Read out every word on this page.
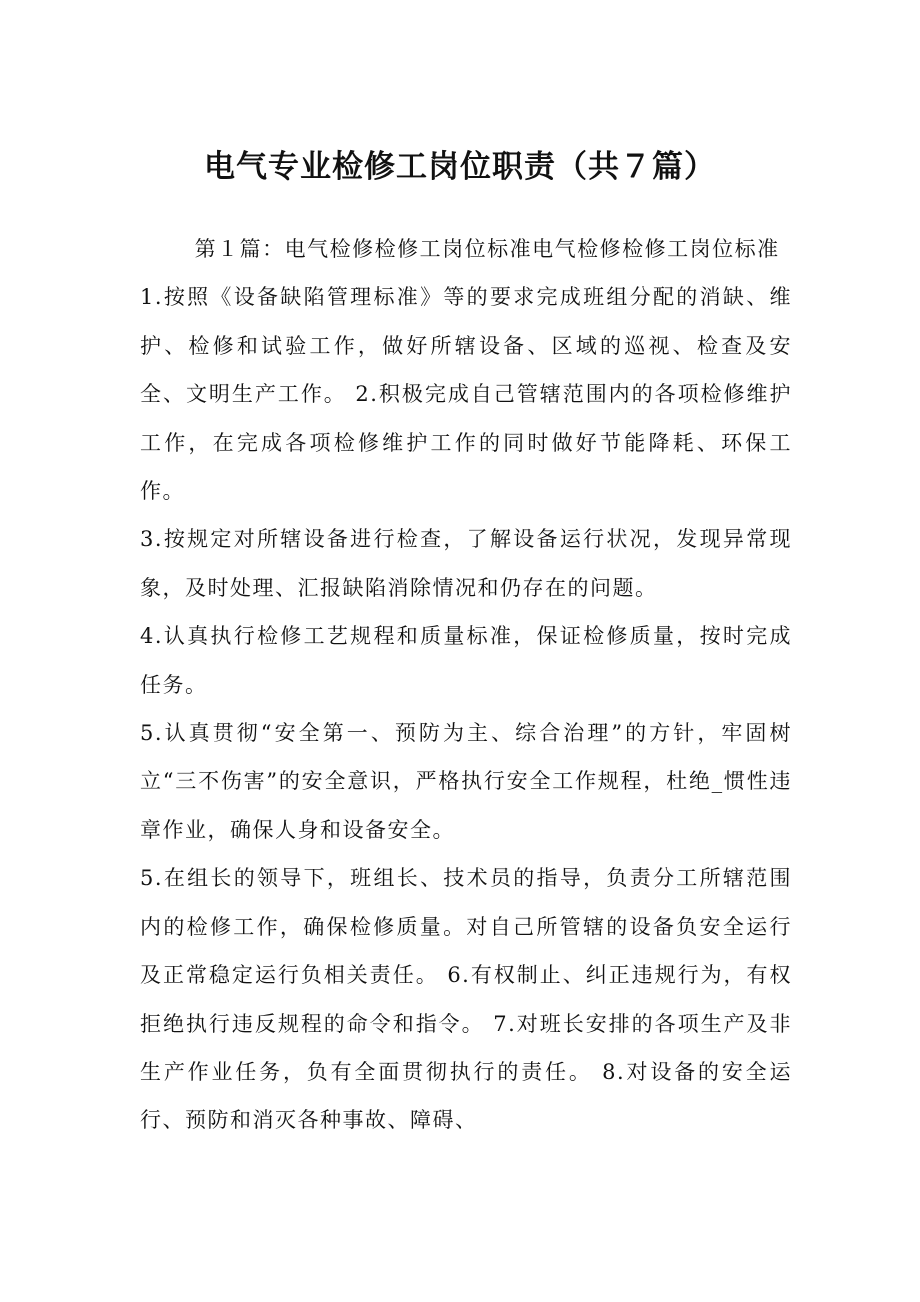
电气专业检修工岗位职责（共７篇）

第１篇：电气检修检修工岗位标准电气检修检修工岗位标准

1.按照《设备缺陷管理标准》等的要求完成班组分配的消缺、维护、检修和试验工作，做好所辖设备、区域的巡视、检查及安全、文明生产工作。 2.积极完成自己管辖范围内的各项检修维护工作，在完成各项检修维护工作的同时做好节能降耗、环保工作。

3.按规定对所辖设备进行检查，了解设备运行状况，发现异常现象，及时处理、汇报缺陷消除情况和仍存在的问题。

4.认真执行检修工艺规程和质量标准，保证检修质量，按时完成任务。

5.认真贯彻“安全第一、预防为主、综合治理”的方针，牢固树立“三不伤害”的安全意识，严格执行安全工作规程，杜绝_惯性违章作业，确保人身和设备安全。

5.在组长的领导下，班组长、技术员的指导，负责分工所辖范围内的检修工作，确保检修质量。对自己所管辖的设备负安全运行及正常稳定运行负相关责任。 6.有权制止、纠正违规行为，有权拒绝执行违反规程的命令和指令。 7.对班长安排的各项生产及非生产作业任务，负有全面贯彻执行的责任。 8.对设备的安全运行、预防和消灭各种事故、障碍、
